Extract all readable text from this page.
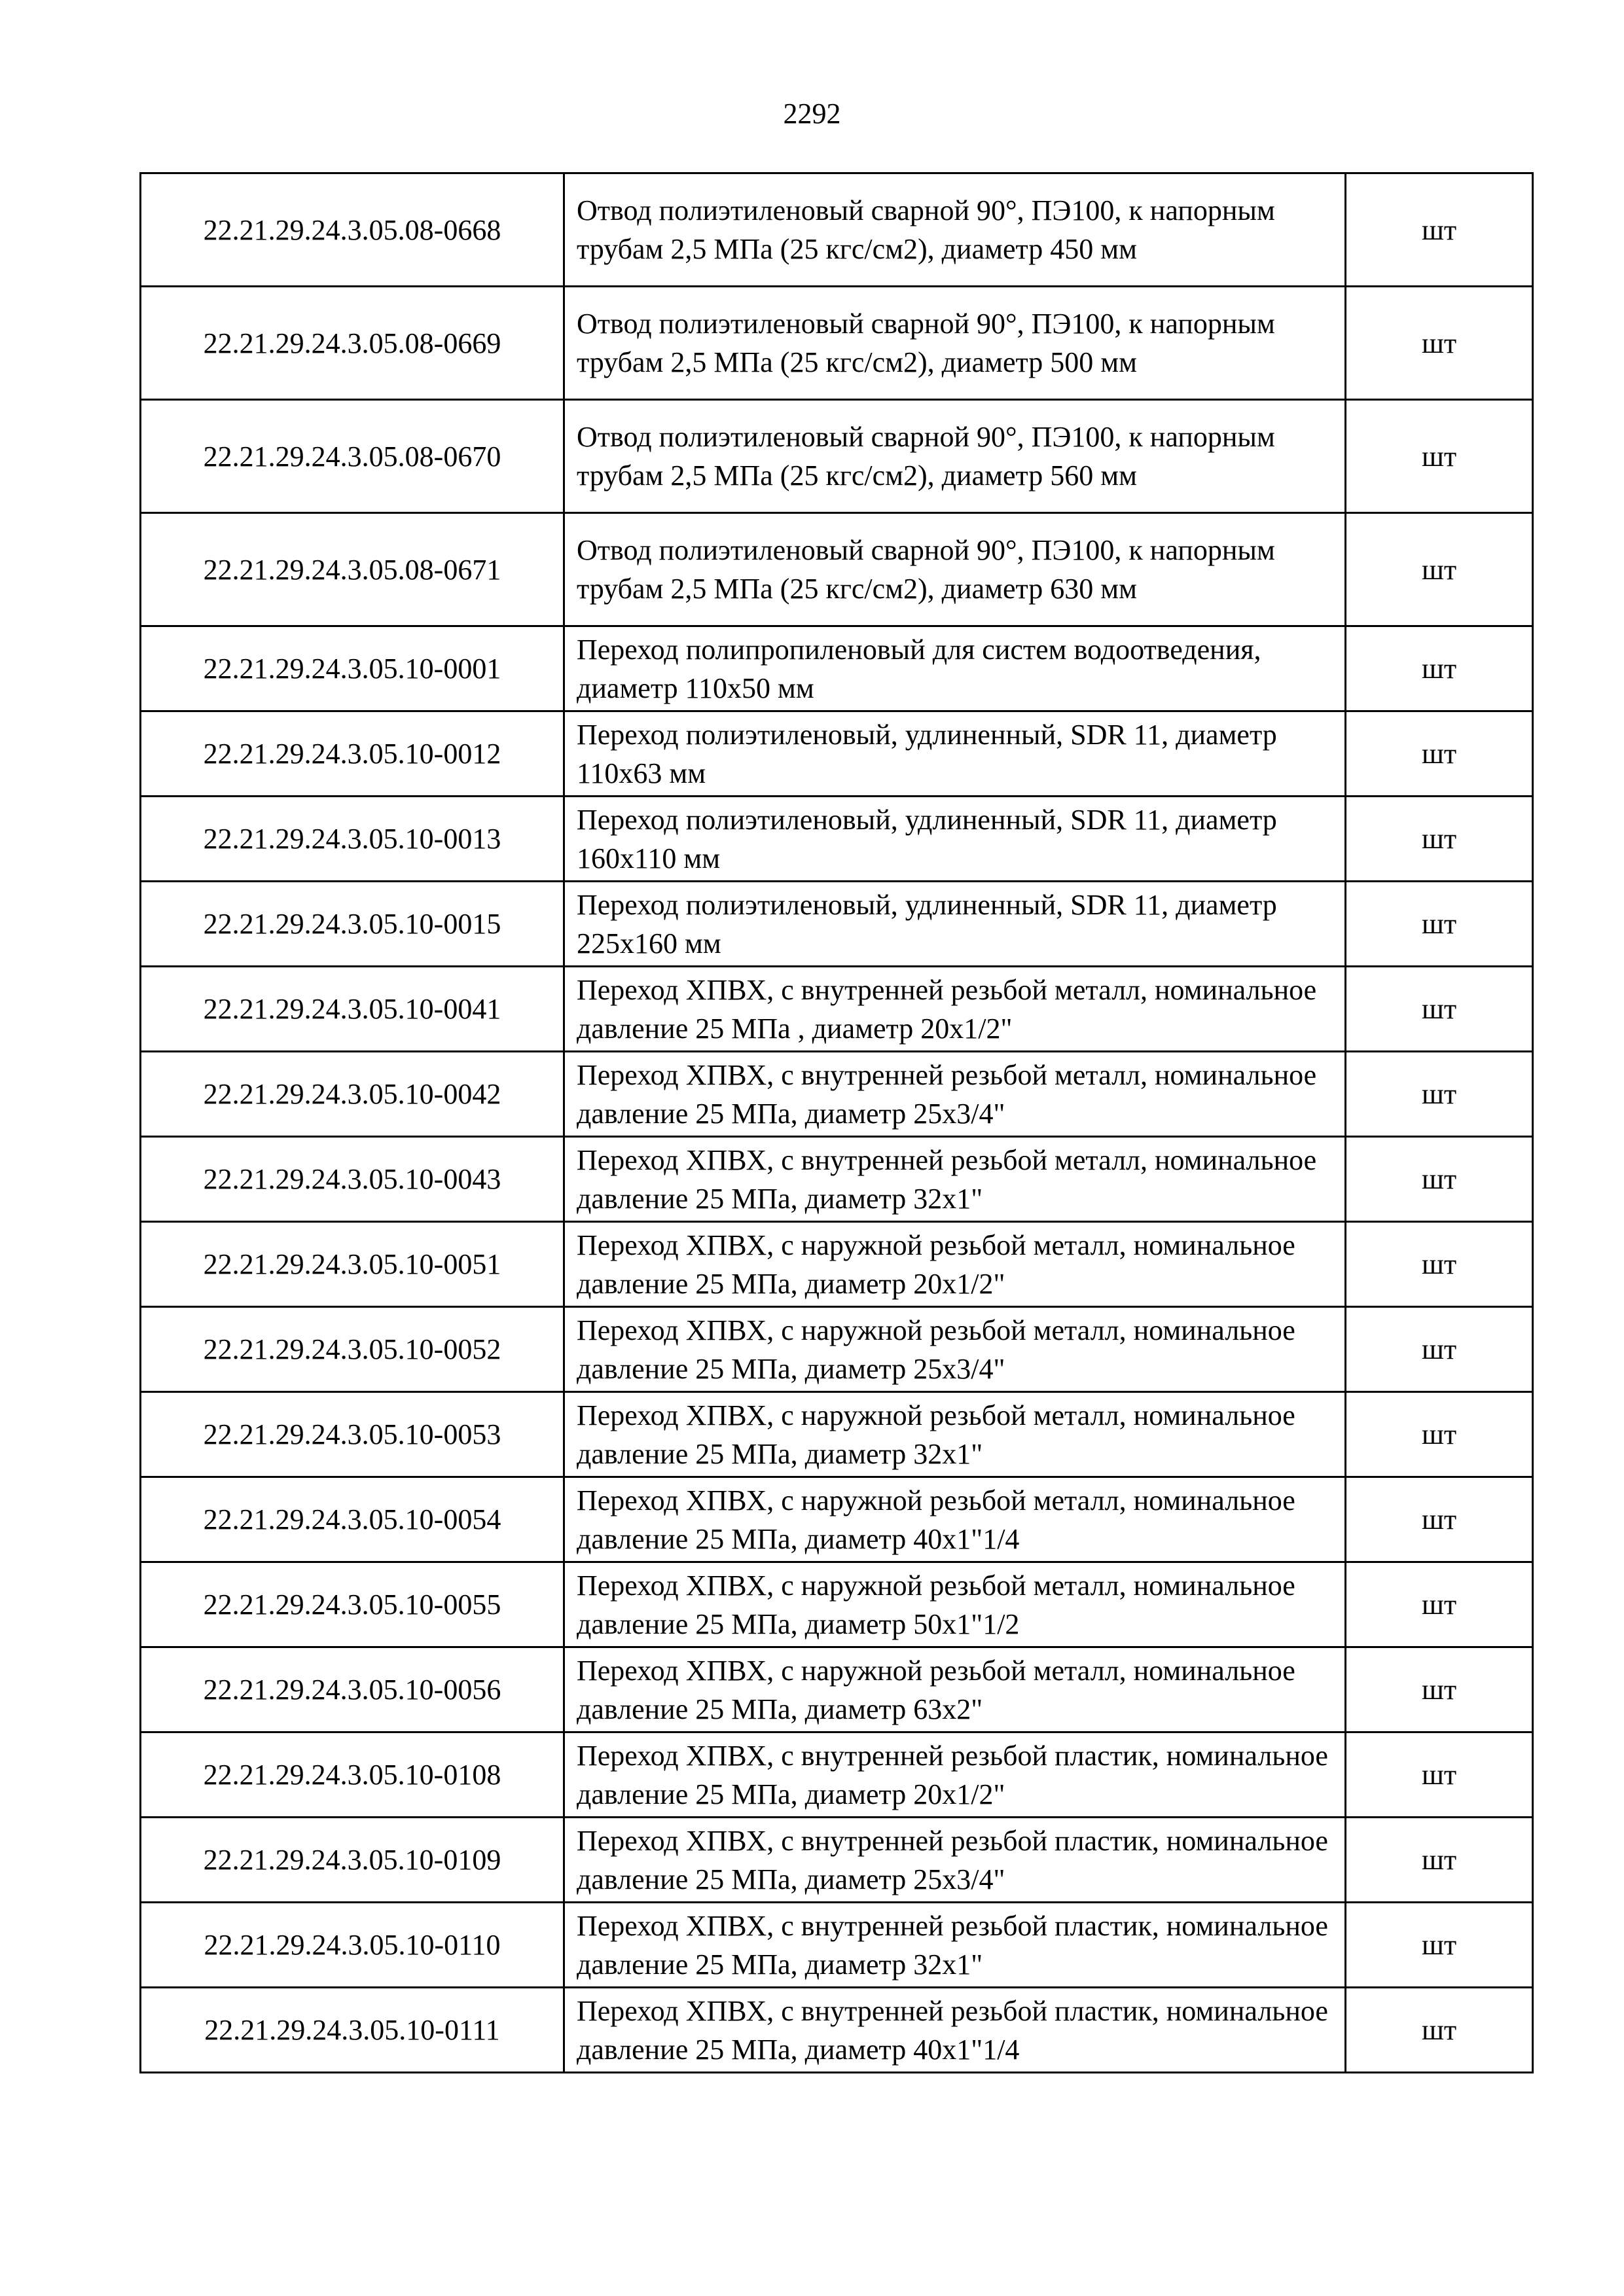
2292
22.21.29.24.3.05.08-0668	Отвод полиэтиленовый сварной 90°, ПЭ100, к напорным трубам 2,5 МПа (25 кгс/см2), диаметр 450 мм	шт
22.21.29.24.3.05.08-0669	Отвод полиэтиленовый сварной 90°, ПЭ100, к напорным трубам 2,5 МПа (25 кгс/см2), диаметр 500 мм	шт
22.21.29.24.3.05.08-0670	Отвод полиэтиленовый сварной 90°, ПЭ100, к напорным трубам 2,5 МПа (25 кгс/см2), диаметр 560 мм	шт
22.21.29.24.3.05.08-0671	Отвод полиэтиленовый сварной 90°, ПЭ100, к напорным трубам 2,5 МПа (25 кгс/см2), диаметр 630 мм	шт
22.21.29.24.3.05.10-0001	Переход полипропиленовый для систем водоотведения, диаметр 110x50 мм	шт
22.21.29.24.3.05.10-0012	Переход полиэтиленовый, удлиненный, SDR 11, диаметр 110x63 мм	шт
22.21.29.24.3.05.10-0013	Переход полиэтиленовый, удлиненный, SDR 11, диаметр 160x110 мм	шт
22.21.29.24.3.05.10-0015	Переход полиэтиленовый, удлиненный, SDR 11, диаметр 225x160 мм	шт
22.21.29.24.3.05.10-0041	Переход ХПВХ, с внутренней резьбой металл, номинальное давление 25 МПа , диаметр 20x1/2"	шт
22.21.29.24.3.05.10-0042	Переход ХПВХ, с внутренней резьбой металл, номинальное давление 25 МПа, диаметр 25x3/4"	шт
22.21.29.24.3.05.10-0043	Переход ХПВХ, с внутренней резьбой металл, номинальное давление 25 МПа, диаметр 32x1"	шт
22.21.29.24.3.05.10-0051	Переход ХПВХ, с наружной резьбой металл, номинальное давление 25 МПа, диаметр 20x1/2"	шт
22.21.29.24.3.05.10-0052	Переход ХПВХ, с наружной резьбой металл, номинальное давление 25 МПа, диаметр 25x3/4"	шт
22.21.29.24.3.05.10-0053	Переход ХПВХ, с наружной резьбой металл, номинальное давление 25 МПа, диаметр 32x1"	шт
22.21.29.24.3.05.10-0054	Переход ХПВХ, с наружной резьбой металл, номинальное давление 25 МПа, диаметр 40x1"1/4	шт
22.21.29.24.3.05.10-0055	Переход ХПВХ, с наружной резьбой металл, номинальное давление 25 МПа, диаметр 50x1"1/2	шт
22.21.29.24.3.05.10-0056	Переход ХПВХ, с наружной резьбой металл, номинальное давление 25 МПа, диаметр 63x2"	шт
22.21.29.24.3.05.10-0108	Переход ХПВХ, с внутренней резьбой пластик, номинальное давление 25 МПа, диаметр 20x1/2"	шт
22.21.29.24.3.05.10-0109	Переход ХПВХ, с внутренней резьбой пластик, номинальное давление 25 МПа, диаметр 25x3/4"	шт
22.21.29.24.3.05.10-0110	Переход ХПВХ, с внутренней резьбой пластик, номинальное давление 25 МПа, диаметр 32x1"	шт
22.21.29.24.3.05.10-0111	Переход ХПВХ, с внутренней резьбой пластик, номинальное давление 25 МПа, диаметр 40x1"1/4	шт
